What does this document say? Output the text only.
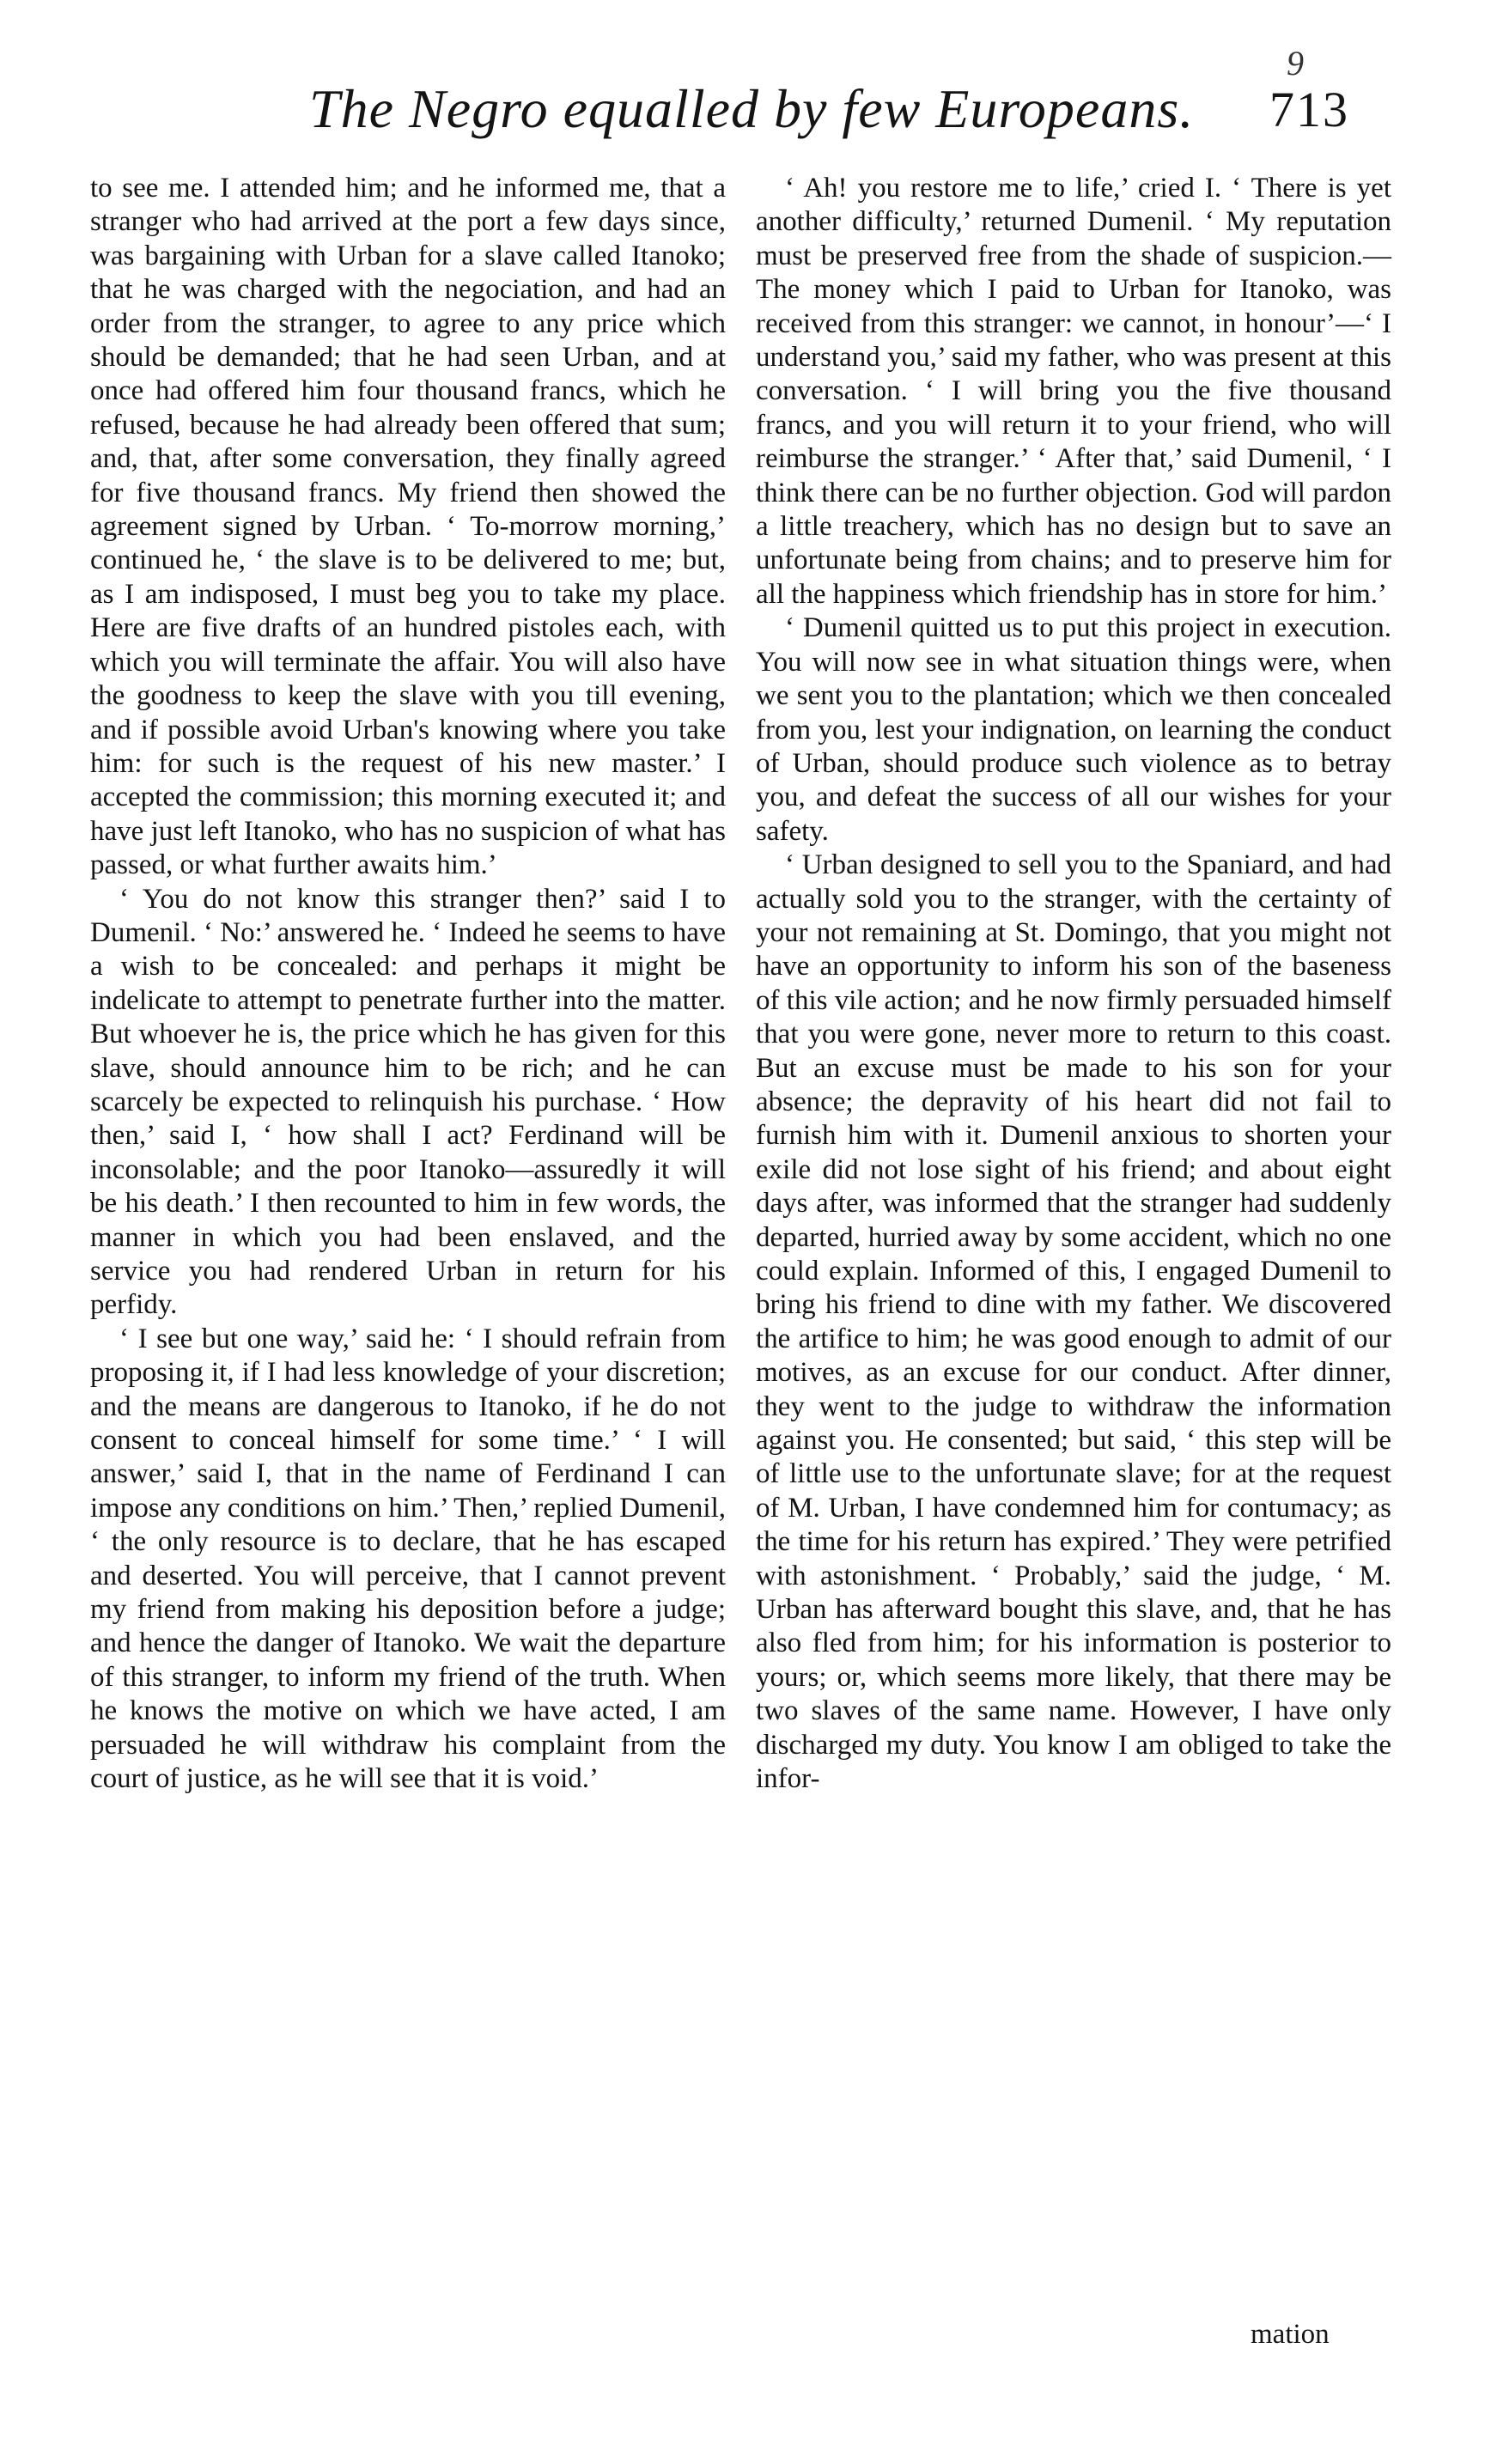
The Negro equalled by few Europeans.
9
713

to see me. I attended him; and he informed me, that a stranger who had arrived at the port a few days since, was bargaining with Urban for a slave called Itanoko; that he was charged with the negociation, and had an order from the stranger, to agree to any price which should be demanded; that he had seen Urban, and at once had offered him four thousand francs, which he refused, because he had already been offered that sum; and, that, after some conversation, they finally agreed for five thousand francs. My friend then showed the agreement signed by Urban. ‘ To-morrow morning,’ continued he, ‘ the slave is to be delivered to me; but, as I am indisposed, I must beg you to take my place. Here are five drafts of an hundred pistoles each, with which you will terminate the affair. You will also have the goodness to keep the slave with you till evening, and if possible avoid Urban's knowing where you take him: for such is the request of his new master.’ I accepted the commission; this morning executed it; and have just left Itanoko, who has no suspicion of what has passed, or what further awaits him.’

‘ You do not know this stranger then?’ said I to Dumenil. ‘ No:’ answered he. ‘ Indeed he seems to have a wish to be concealed: and perhaps it might be indelicate to attempt to penetrate further into the matter. But whoever he is, the price which he has given for this slave, should announce him to be rich; and he can scarcely be expected to relinquish his purchase. ‘ How then,’ said I, ‘ how shall I act? Ferdinand will be inconsolable; and the poor Itanoko—assuredly it will be his death.’ I then recounted to him in few words, the manner in which you had been enslaved, and the service you had rendered Urban in return for his perfidy.

‘ I see but one way,’ said he: ‘ I should refrain from proposing it, if I had less knowledge of your discretion; and the means are dangerous to Itanoko, if he do not consent to conceal himself for some time.’ ‘ I will answer,’ said I, that in the name of Ferdinand I can impose any conditions on him.’ Then,’ replied Dumenil, ‘ the only resource is to declare, that he has escaped and deserted. You will perceive, that I cannot prevent my friend from making his deposition before a judge; and hence the danger of Itanoko. We wait the departure of this stranger, to inform my friend of the truth. When he knows the motive on which we have acted, I am persuaded he will withdraw his complaint from the court of justice, as he will see that it is void.’

‘ Ah! you restore me to life,’ cried I. ‘ There is yet another difficulty,’ returned Dumenil. ‘ My reputation must be preserved free from the shade of suspicion.— The money which I paid to Urban for Itanoko, was received from this stranger: we cannot, in honour’—‘ I understand you,’ said my father, who was present at this conversation. ‘ I will bring you the five thousand francs, and you will return it to your friend, who will reimburse the stranger.’ ‘ After that,’ said Dumenil, ‘ I think there can be no further objection. God will pardon a little treachery, which has no design but to save an unfortunate being from chains; and to preserve him for all the happiness which friendship has in store for him.’

‘ Dumenil quitted us to put this project in execution. You will now see in what situation things were, when we sent you to the plantation; which we then concealed from you, lest your indignation, on learning the conduct of Urban, should produce such violence as to betray you, and defeat the success of all our wishes for your safety.

‘ Urban designed to sell you to the Spaniard, and had actually sold you to the stranger, with the certainty of your not remaining at St. Domingo, that you might not have an opportunity to inform his son of the baseness of this vile action; and he now firmly persuaded himself that you were gone, never more to return to this coast. But an excuse must be made to his son for your absence; the depravity of his heart did not fail to furnish him with it. Dumenil anxious to shorten your exile did not lose sight of his friend; and about eight days after, was informed that the stranger had suddenly departed, hurried away by some accident, which no one could explain. Informed of this, I engaged Dumenil to bring his friend to dine with my father. We discovered the artifice to him; he was good enough to admit of our motives, as an excuse for our conduct. After dinner, they went to the judge to withdraw the information against you. He consented; but said, ‘ this step will be of little use to the unfortunate slave; for at the request of M. Urban, I have condemned him for contumacy; as the time for his return has expired.’ They were petrified with astonishment. ‘ Probably,’ said the judge, ‘ M. Urban has afterward bought this slave, and, that he has also fled from him; for his information is posterior to yours; or, which seems more likely, that there may be two slaves of the same name. However, I have only discharged my duty. You know I am obliged to take the infor-

mation
